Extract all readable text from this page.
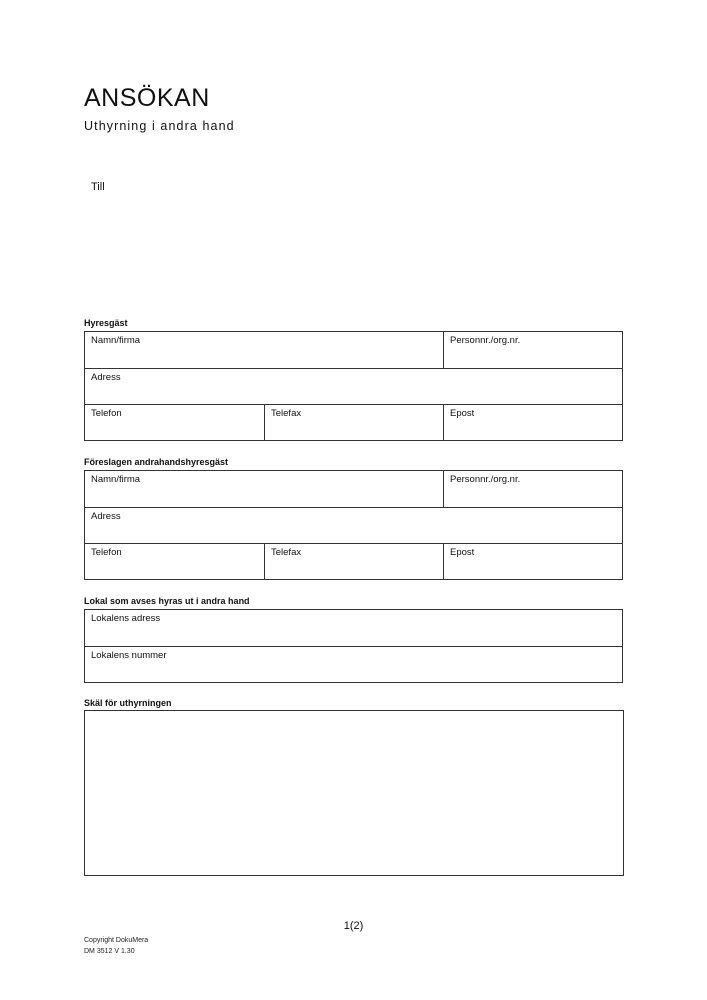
ANSÖKAN
Uthyrning i andra hand
Till
Hyresgäst
Namn/firma	Personnr./org.nr.
Adress
Telefon	Telefax	Epost
Föreslagen andrahandshyresgäst
Namn/firma	Personnr./org.nr.
Adress
Telefon	Telefax	Epost
Lokal som avses hyras ut i andra hand
Lokalens adress
Lokalens nummer
Skäl för uthyrningen
1(2)
Copyright DokuMera
DM 3512 V 1.30
